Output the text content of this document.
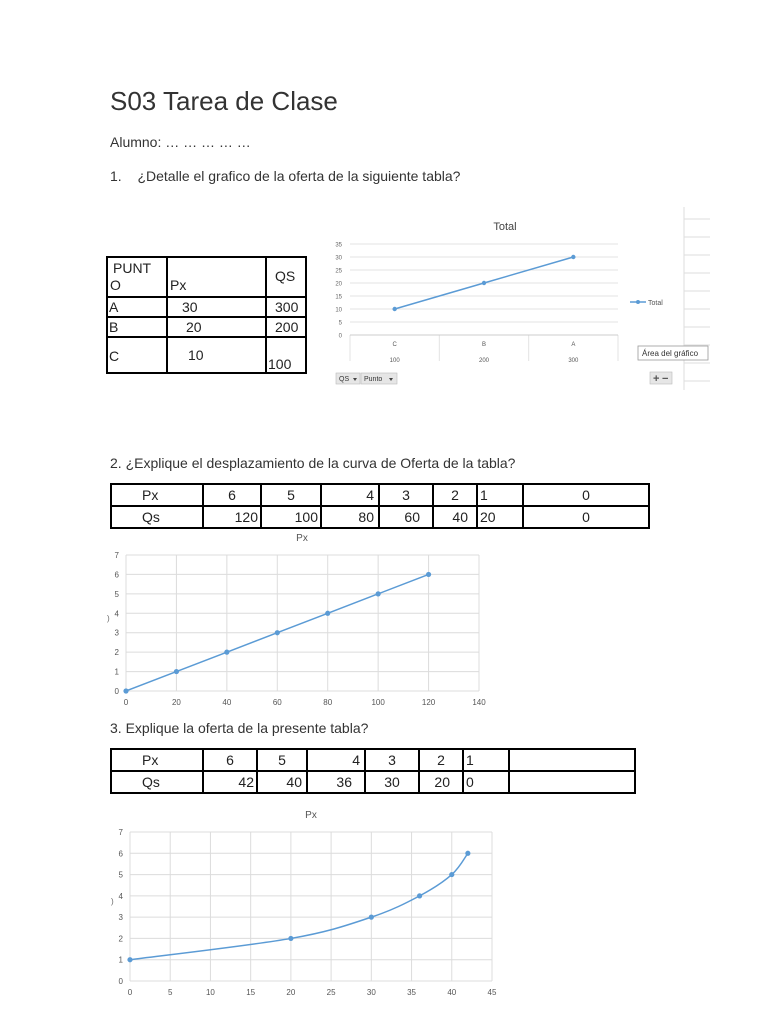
S03 Tarea de Clase
Alumno: … … … … …
1. ¿Detalle el grafico de la oferta de la siguiente tabla?
PUNT
O	Px	QS

A	30	300

B	20	200

C	10	100
0
5
10
15
20
25
30
35
C
100
B
200
A
300
Total
Total
Área del gráfico
QS Punto	+ −
2. ¿Explique el desplazamiento de la curva de Oferta de la tabla?
Px	6	5	4	3	2	1	0
Qs	120	100	80	60	40	20	0
0
1
2
3
4
5
6
7
0	20	40	60	80	100	120	140
Px
)
3. Explique la oferta de la presente tabla?
Px	6	5	4	3	2	1	
Qs	42	40	36	30	20	0	
0
1
2
3
4
5
6
7
0	5	10	15	20	25	30	35	40	45
Px
)
